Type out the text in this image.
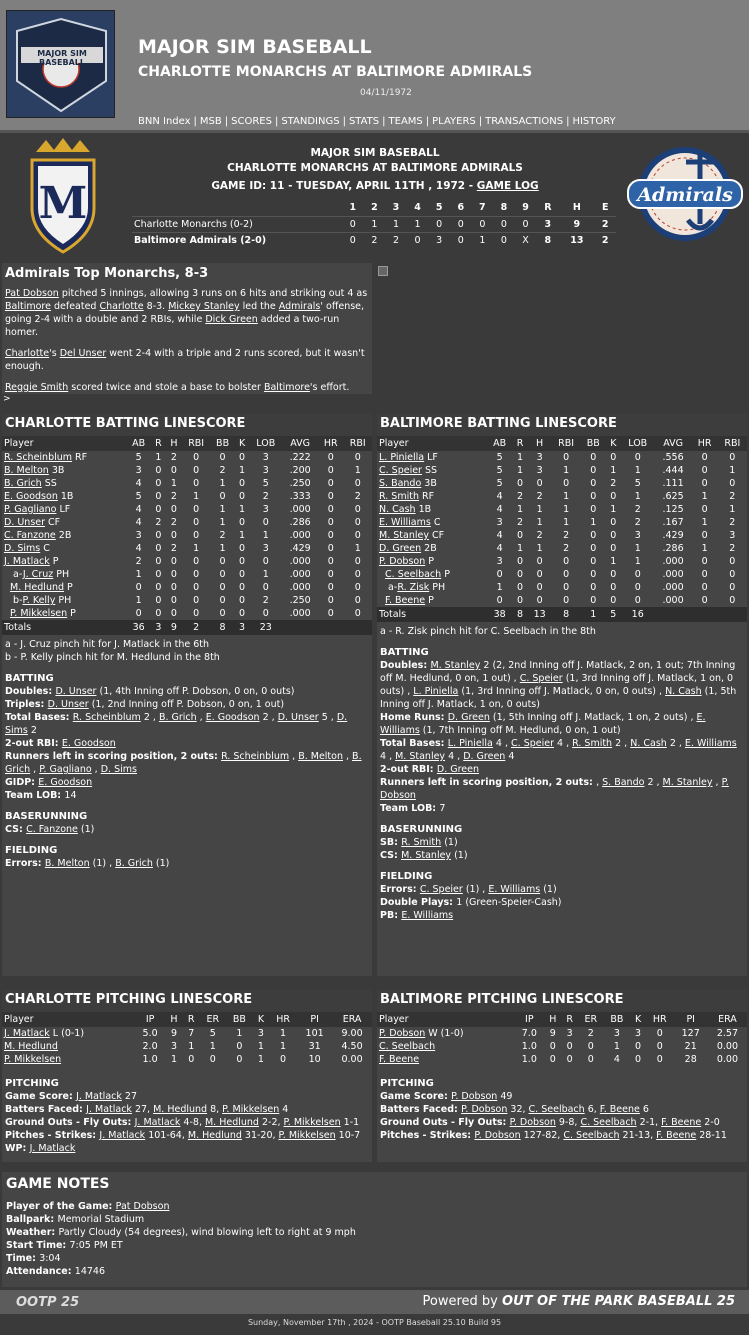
MAJOR SIM BASEBALL
MAJOR SIM BASEBALL
CHARLOTTE MONARCHS AT BALTIMORE ADMIRALS
04/11/1972
BNN Index | MSB | SCORES | STANDINGS | STATS | TEAMS | PLAYERS | TRANSACTIONS | HISTORY
M	Admirals
MAJOR SIM BASEBALL
CHARLOTTE MONARCHS AT BALTIMORE ADMIRALS
GAME ID: 11 - TUESDAY, APRIL 11TH , 1972 - GAME LOG
	1	2	3	4	5	6	7	8	9	R	H	E
Charlotte Monarchs (0-2)	0	1	1	1	0	0	0	0	0	3	9	2
Baltimore Admirals (2-0)	0	2	2	0	3	0	1	0	X	8	13	2
Admirals Top Monarchs, 8-3

Pat Dobson pitched 5 innings, allowing 3 runs on 6 hits and striking out 4 as Baltimore defeated Charlotte 8-3. Mickey Stanley led the Admirals' offense, going 2-4 with a double and 2 RBIs, while Dick Green added a two-run homer.

Charlotte's Del Unser went 2-4 with a triple and 2 runs scored, but it wasn't enough.

Reggie Smith scored twice and stole a base to bolster Baltimore's effort.

>
CHARLOTTE BATTING LINESCORE
Player	AB	R	H	RBI	BB	K	LOB	AVG	HR	RBI
R. Scheinblum RF	5	1	2	0	0	0	3	.222	0	0
B. Melton 3B	3	0	0	0	2	1	3	.200	0	1
B. Grich SS	4	0	1	0	1	0	5	.250	0	0
E. Goodson 1B	5	0	2	1	0	0	2	.333	0	2
P. Gagliano LF	4	0	0	0	1	1	3	.000	0	0
D. Unser CF	4	2	2	0	1	0	0	.286	0	0
C. Fanzone 2B	3	0	0	0	2	1	1	.000	0	0
D. Sims C	4	0	2	1	1	0	3	.429	0	1
J. Matlack P	2	0	0	0	0	0	0	.000	0	0
a-J. Cruz PH	1	0	0	0	0	0	1	.000	0	0
M. Hedlund P	0	0	0	0	0	0	0	.000	0	0
b-P. Kelly PH	1	0	0	0	0	0	2	.250	0	0
P. Mikkelsen P	0	0	0	0	0	0	0	.000	0	0
Totals	36	3	9	2	8	3	23			
a - J. Cruz pinch hit for J. Matlack in the 6th
b - P. Kelly pinch hit for M. Hedlund in the 8th
BATTING
Doubles: D. Unser (1, 4th Inning off P. Dobson, 0 on, 0 outs)
Triples: D. Unser (1, 2nd Inning off P. Dobson, 0 on, 1 out)
Total Bases: R. Scheinblum 2 , B. Grich , E. Goodson 2 , D. Unser 5 , D. Sims 2
2-out RBI: E. Goodson
Runners left in scoring position, 2 outs: R. Scheinblum , B. Melton , B. Grich , P. Gagliano , D. Sims
GIDP: E. Goodson
Team LOB: 14
BASERUNNING
CS: C. Fanzone (1)
FIELDING
Errors: B. Melton (1) , B. Grich (1)
BALTIMORE BATTING LINESCORE
Player	AB	R	H	RBI	BB	K	LOB	AVG	HR	RBI
L. Piniella LF	5	1	3	0	0	0	0	.556	0	0
C. Speier SS	5	1	3	1	0	1	1	.444	0	1
S. Bando 3B	5	0	0	0	0	2	5	.111	0	0
R. Smith RF	4	2	2	1	0	0	1	.625	1	2
N. Cash 1B	4	1	1	1	0	1	2	.125	0	1
E. Williams C	3	2	1	1	1	0	2	.167	1	2
M. Stanley CF	4	0	2	2	0	0	3	.429	0	3
D. Green 2B	4	1	1	2	0	0	1	.286	1	2
P. Dobson P	3	0	0	0	0	1	1	.000	0	0
C. Seelbach P	0	0	0	0	0	0	0	.000	0	0
a-R. Zisk PH	1	0	0	0	0	0	0	.000	0	0
F. Beene P	0	0	0	0	0	0	0	.000	0	0
Totals	38	8	13	8	1	5	16			
a - R. Zisk pinch hit for C. Seelbach in the 8th
BATTING
Doubles: M. Stanley 2 (2, 2nd Inning off J. Matlack, 2 on, 1 out; 7th Inning off M. Hedlund, 0 on, 1 out) , C. Speier (1, 3rd Inning off J. Matlack, 1 on, 0 outs) , L. Piniella (1, 3rd Inning off J. Matlack, 0 on, 0 outs) , N. Cash (1, 5th Inning off J. Matlack, 1 on, 0 outs)
Home Runs: D. Green (1, 5th Inning off J. Matlack, 1 on, 2 outs) , E. Williams (1, 7th Inning off M. Hedlund, 0 on, 1 out)
Total Bases: L. Piniella 4 , C. Speier 4 , R. Smith 2 , N. Cash 2 , E. Williams 4 , M. Stanley 4 , D. Green 4
2-out RBI: D. Green
Runners left in scoring position, 2 outs: , S. Bando 2 , M. Stanley , P. Dobson
Team LOB: 7
BASERUNNING
SB: R. Smith (1)
CS: M. Stanley (1)
FIELDING
Errors: C. Speier (1) , E. Williams (1)
Double Plays: 1 (Green-Speier-Cash)
PB: E. Williams
CHARLOTTE PITCHING LINESCORE
Player	IP	H	R	ER	BB	K	HR	PI	ERA
J. Matlack L (0-1)	5.0	9	7	5	1	3	1	101	9.00
M. Hedlund	2.0	3	1	1	0	1	1	31	4.50
P. Mikkelsen	1.0	1	0	0	0	1	0	10	0.00
PITCHING
Game Score: J. Matlack 27
Batters Faced: J. Matlack 27, M. Hedlund 8, P. Mikkelsen 4
Ground Outs - Fly Outs: J. Matlack 4-8, M. Hedlund 2-2, P. Mikkelsen 1-1
Pitches - Strikes: J. Matlack 101-64, M. Hedlund 31-20, P. Mikkelsen 10-7
WP: J. Matlack
BALTIMORE PITCHING LINESCORE
Player	IP	H	R	ER	BB	K	HR	PI	ERA
P. Dobson W (1-0)	7.0	9	3	2	3	3	0	127	2.57
C. Seelbach	1.0	0	0	0	1	0	0	21	0.00
F. Beene	1.0	0	0	0	4	0	0	28	0.00
PITCHING
Game Score: P. Dobson 49
Batters Faced: P. Dobson 32, C. Seelbach 6, F. Beene 6
Ground Outs - Fly Outs: P. Dobson 9-8, C. Seelbach 2-1, F. Beene 2-0
Pitches - Strikes: P. Dobson 127-82, C. Seelbach 21-13, F. Beene 28-11
GAME NOTES
Player of the Game: Pat Dobson
Ballpark: Memorial Stadium
Weather: Partly Cloudy (54 degrees), wind blowing left to right at 9 mph
Start Time: 7:05 PM ET
Time: 3:04
Attendance: 14746
OOTP 25	Powered by OUT OF THE PARK BASEBALL 25
Sunday, November 17th , 2024 - OOTP Baseball 25.10 Build 95
